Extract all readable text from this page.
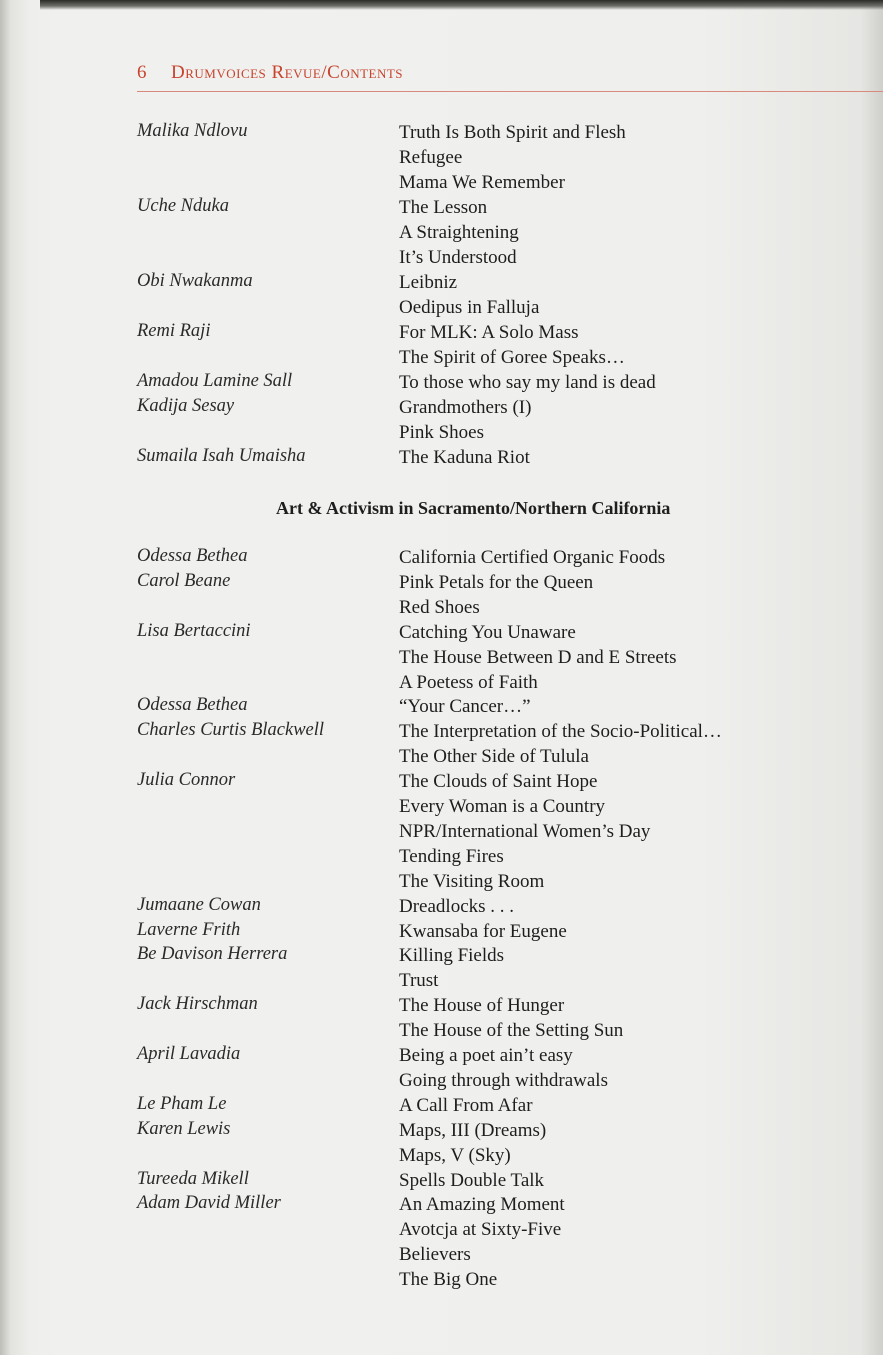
6 Drumvoices Revue/Contents
Malika Ndlovu	Truth Is Both Spirit and Flesh
Refugee
Mama We Remember
Uche Nduka	The Lesson
A Straightening
It’s Understood
Obi Nwakanma	Leibniz
Oedipus in Falluja
Remi Raji	For MLK: A Solo Mass
The Spirit of Goree Speaks…
Amadou Lamine Sall	To those who say my land is dead
Kadija Sesay	Grandmothers (I)
Pink Shoes
Sumaila Isah Umaisha	The Kaduna Riot
Art & Activism in Sacramento/Northern California
Odessa Bethea	California Certified Organic Foods
Carol Beane	Pink Petals for the Queen
Red Shoes
Lisa Bertaccini	Catching You Unaware
The House Between D and E Streets
A Poetess of Faith
Odessa Bethea	“Your Cancer…”
Charles Curtis Blackwell	The Interpretation of the Socio-Political…
The Other Side of Tulula
Julia Connor	The Clouds of Saint Hope
Every Woman is a Country
NPR/International Women’s Day
Tending Fires
The Visiting Room
Jumaane Cowan	Dreadlocks . . .
Laverne Frith	Kwansaba for Eugene
Be Davison Herrera	Killing Fields
Trust
Jack Hirschman	The House of Hunger
The House of the Setting Sun
April Lavadia	Being a poet ain’t easy
Going through withdrawals
Le Pham Le	A Call From Afar
Karen Lewis	Maps, III (Dreams)
Maps, V (Sky)
Tureeda Mikell	Spells Double Talk
Adam David Miller	An Amazing Moment
Avotcja at Sixty-Five
Believers
The Big One
